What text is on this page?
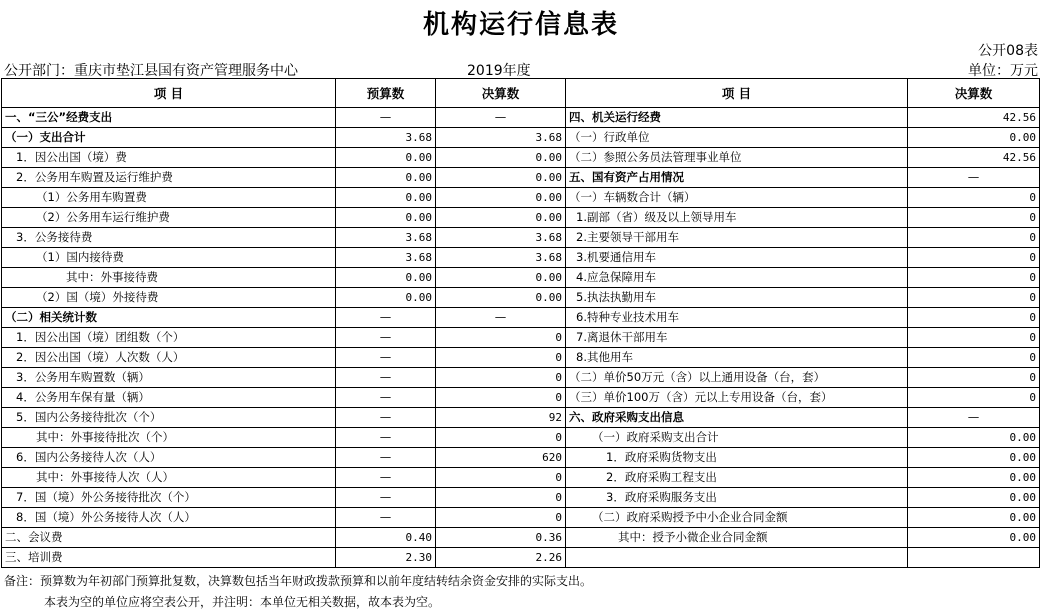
机构运行信息表
公开08表
公开部门：重庆市垫江县国有资产管理服务中心	2019年度	单位：万元
项 目	预算数	决算数	项 目	决算数
一、“三公”经费支出	—	—	四、机关运行经费	42.56
（一）支出合计	3.68	3.68	（一）行政单位	0.00
1．因公出国（境）费	0.00	0.00	（二）参照公务员法管理事业单位	42.56
2．公务用车购置及运行维护费	0.00	0.00	五、国有资产占用情况	—
（1）公务用车购置费	0.00	0.00	（一）车辆数合计（辆）	0
（2）公务用车运行维护费	0.00	0.00	1.副部（省）级及以上领导用车	0
3．公务接待费	3.68	3.68	2.主要领导干部用车	0
（1）国内接待费	3.68	3.68	3.机要通信用车	0
其中：外事接待费	0.00	0.00	4.应急保障用车	0
（2）国（境）外接待费	0.00	0.00	5.执法执勤用车	0
（二）相关统计数	—	—	6.特种专业技术用车	0
1．因公出国（境）团组数（个）	—	0	7.离退休干部用车	0
2．因公出国（境）人次数（人）	—	0	8.其他用车	0
3．公务用车购置数（辆）	—	0	（二）单价50万元（含）以上通用设备（台，套）	0
4．公务用车保有量（辆）	—	0	（三）单价100万（含）元以上专用设备（台，套）	0
5．国内公务接待批次（个）	—	92	六、政府采购支出信息	—
其中：外事接待批次（个）	—	0	（一）政府采购支出合计	0.00
6．国内公务接待人次（人）	—	620	1．政府采购货物支出	0.00
其中：外事接待人次（人）	—	0	2．政府采购工程支出	0.00
7．国（境）外公务接待批次（个）	—	0	3．政府采购服务支出	0.00
8．国（境）外公务接待人次（人）	—	0	（二）政府采购授予中小企业合同金额	0.00
二、会议费	0.40	0.36	其中：授予小微企业合同金额	0.00
三、培训费	2.30	2.26		
备注：预算数为年初部门预算批复数，决算数包括当年财政拨款预算和以前年度结转结余资金安排的实际支出。
本表为空的单位应将空表公开，并注明：本单位无相关数据，故本表为空。
